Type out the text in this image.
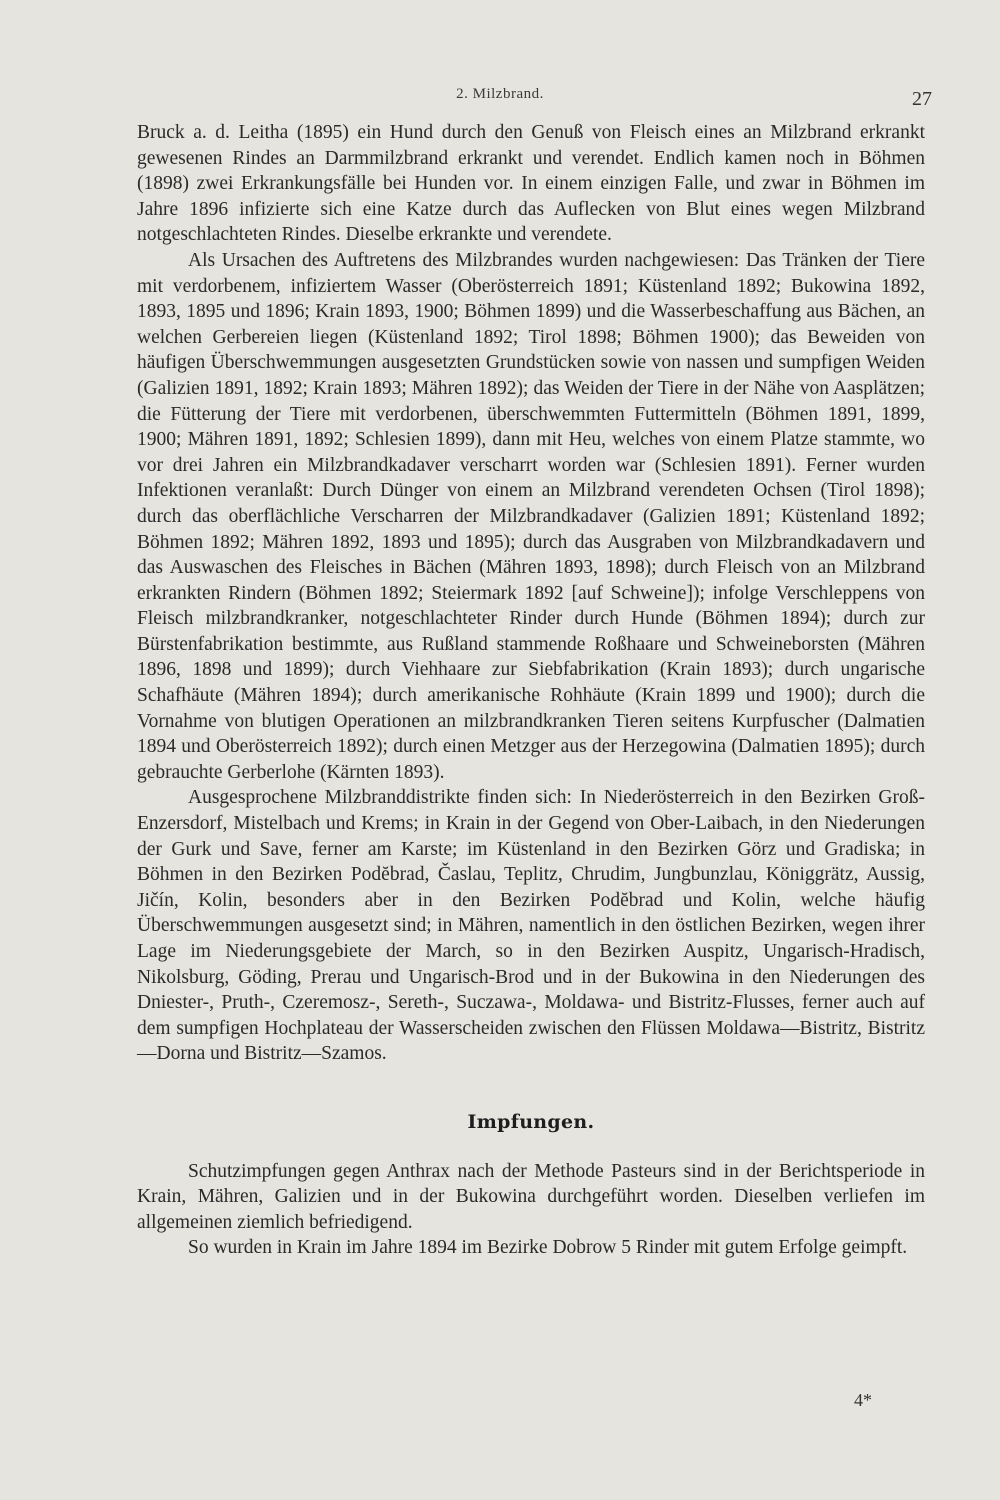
2. Milzbrand.	27

Bruck a. d. Leitha (1895) ein Hund durch den Genuß von Fleisch eines an Milzbrand erkrankt gewesenen Rindes an Darmmilzbrand erkrankt und verendet. Endlich kamen noch in Böhmen (1898) zwei Erkrankungsfälle bei Hunden vor. In einem einzigen Falle, und zwar in Böhmen im Jahre 1896 infizierte sich eine Katze durch das Auflecken von Blut eines wegen Milzbrand notgeschlachteten Rindes. Dieselbe erkrankte und verendete.

Als Ursachen des Auftretens des Milzbrandes wurden nachgewiesen: Das Tränken der Tiere mit verdorbenem, infiziertem Wasser (Oberösterreich 1891; Küstenland 1892; Bukowina 1892, 1893, 1895 und 1896; Krain 1893, 1900; Böhmen 1899) und die Wasserbeschaffung aus Bächen, an welchen Gerbereien liegen (Küstenland 1892; Tirol 1898; Böhmen 1900); das Beweiden von häufigen Überschwemmungen ausgesetzten Grundstücken sowie von nassen und sumpfigen Weiden (Galizien 1891, 1892; Krain 1893; Mähren 1892); das Weiden der Tiere in der Nähe von Aasplätzen; die Fütterung der Tiere mit verdorbenen, überschwemmten Futtermitteln (Böhmen 1891, 1899, 1900; Mähren 1891, 1892; Schlesien 1899), dann mit Heu, welches von einem Platze stammte, wo vor drei Jahren ein Milzbrandkadaver verscharrt worden war (Schlesien 1891). Ferner wurden Infektionen veranlaßt: Durch Dünger von einem an Milzbrand verendeten Ochsen (Tirol 1898); durch das oberflächliche Verscharren der Milzbrandkadaver (Galizien 1891; Küstenland 1892; Böhmen 1892; Mähren 1892, 1893 und 1895); durch das Ausgraben von Milzbrandkadavern und das Auswaschen des Fleisches in Bächen (Mähren 1893, 1898); durch Fleisch von an Milzbrand erkrankten Rindern (Böhmen 1892; Steiermark 1892 [auf Schweine]); infolge Verschleppens von Fleisch milzbrandkranker, notgeschlachteter Rinder durch Hunde (Böhmen 1894); durch zur Bürstenfabrikation bestimmte, aus Rußland stammende Roßhaare und Schweineborsten (Mähren 1896, 1898 und 1899); durch Viehhaare zur Siebfabrikation (Krain 1893); durch ungarische Schafhäute (Mähren 1894); durch amerikanische Rohhäute (Krain 1899 und 1900); durch die Vornahme von blutigen Operationen an milzbrandkranken Tieren seitens Kurpfuscher (Dalmatien 1894 und Oberösterreich 1892); durch einen Metzger aus der Herzegowina (Dalmatien 1895); durch gebrauchte Gerberlohe (Kärnten 1893).

Ausgesprochene Milzbranddistrikte finden sich: In Niederösterreich in den Bezirken Groß-Enzersdorf, Mistelbach und Krems; in Krain in der Gegend von Ober-Laibach, in den Niederungen der Gurk und Save, ferner am Karste; im Küstenland in den Bezirken Görz und Gradiska; in Böhmen in den Bezirken Podĕbrad, Časlau, Teplitz, Chrudim, Jungbunzlau, Königgrätz, Aussig, Jičín, Kolin, besonders aber in den Bezirken Podĕbrad und Kolin, welche häufig Überschwemmungen ausgesetzt sind; in Mähren, namentlich in den östlichen Bezirken, wegen ihrer Lage im Niederungsgebiete der March, so in den Bezirken Auspitz, Ungarisch-Hradisch, Nikolsburg, Göding, Prerau und Ungarisch-Brod und in der Bukowina in den Niederungen des Dniester-, Pruth-, Czeremosz-, Sereth-, Suczawa-, Moldawa- und Bistritz-Flusses, ferner auch auf dem sumpfigen Hochplateau der Wasserscheiden zwischen den Flüssen Moldawa—Bistritz, Bistritz—Dorna und Bistritz—Szamos.

Impfungen.

Schutzimpfungen gegen Anthrax nach der Methode Pasteurs sind in der Berichtsperiode in Krain, Mähren, Galizien und in der Bukowina durchgeführt worden. Dieselben verliefen im allgemeinen ziemlich befriedigend.

So wurden in Krain im Jahre 1894 im Bezirke Dobrow 5 Rinder mit gutem Erfolge geimpft.

4*
